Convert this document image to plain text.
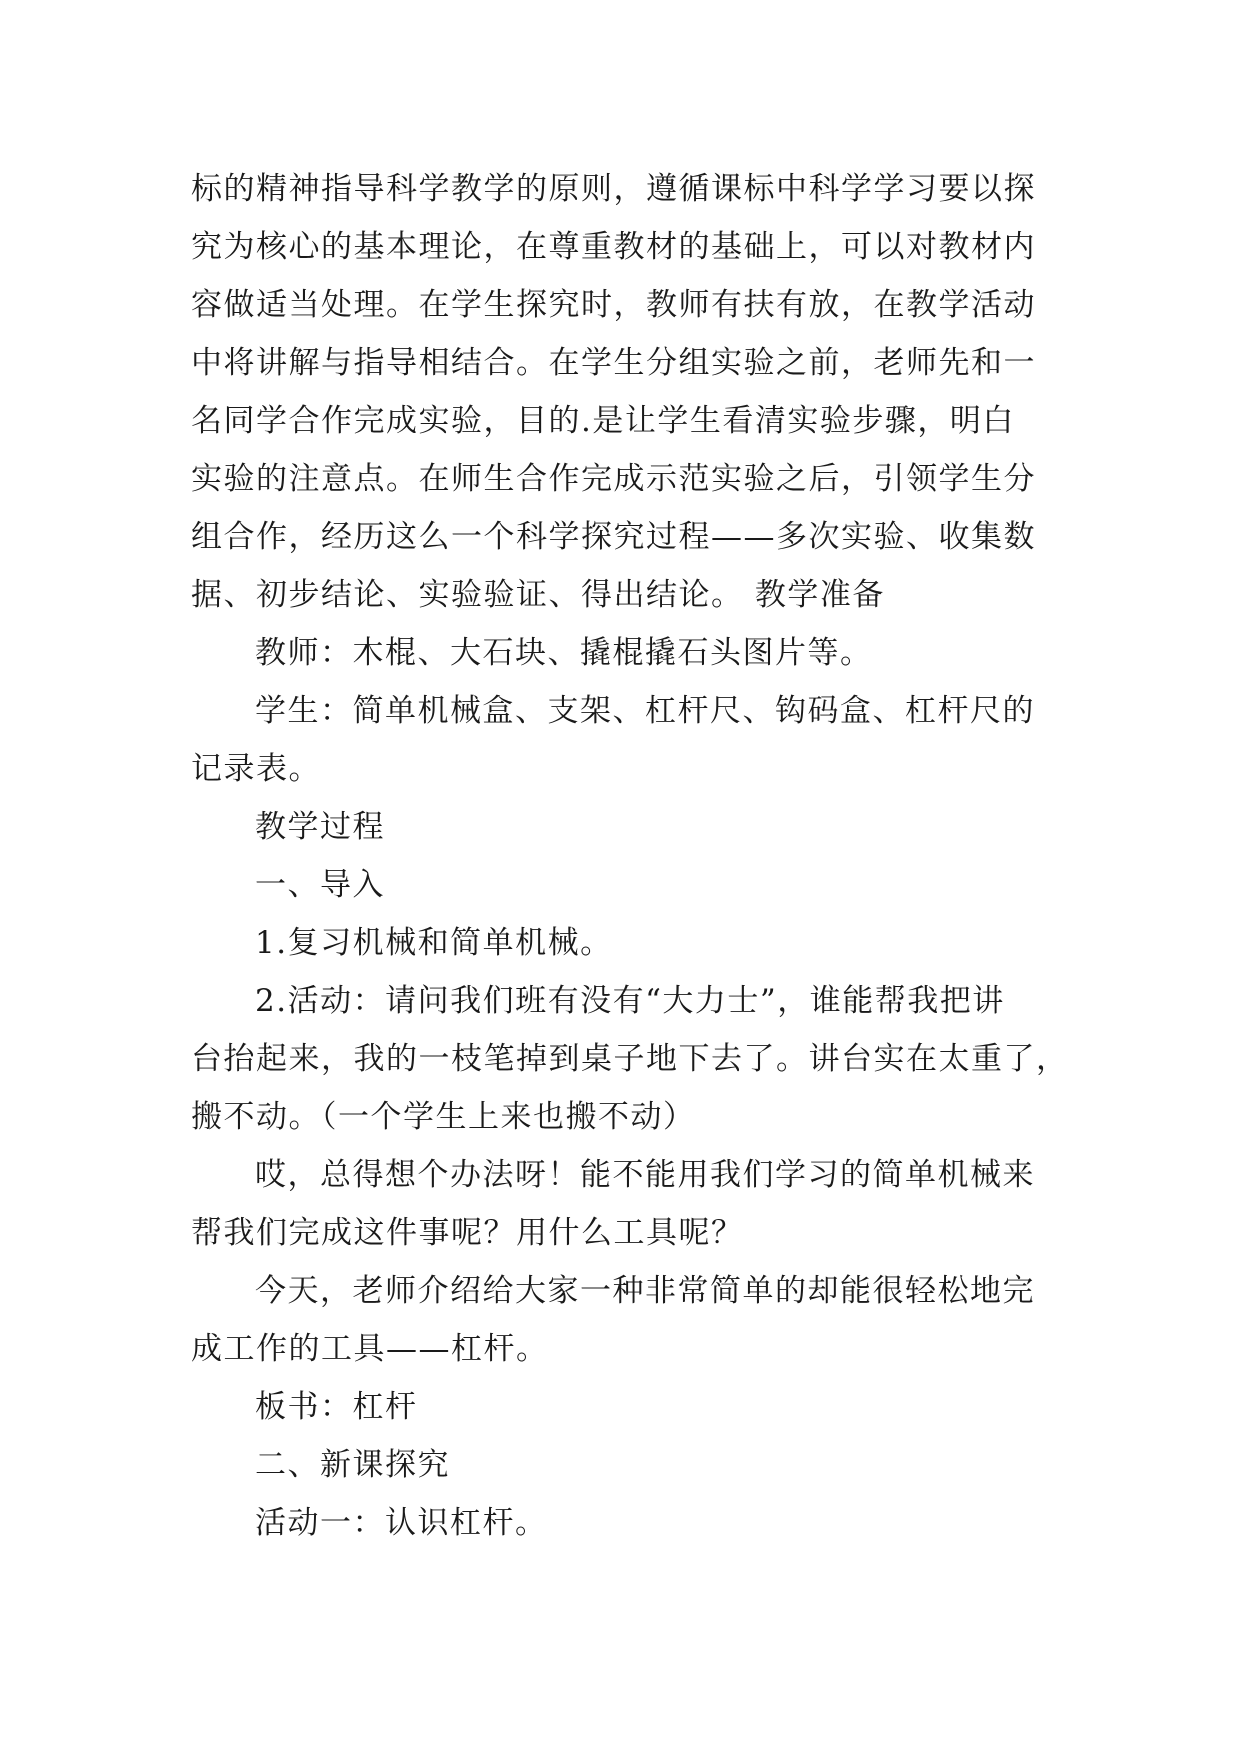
标的精神指导科学教学的原则，遵循课标中科学学习要以探
究为核心的基本理论，在尊重教材的基础上，可以对教材内
容做适当处理。在学生探究时，教师有扶有放，在教学活动
中将讲解与指导相结合。在学生分组实验之前，老师先和一
名同学合作完成实验，目的.是让学生看清实验步骤，明白
实验的注意点。在师生合作完成示范实验之后，引领学生分
组合作，经历这么一个科学探究过程——多次实验、收集数
据、初步结论、实验验证、得出结论。 教学准备
教师：木棍、大石块、撬棍撬石头图片等。
学生：简单机械盒、支架、杠杆尺、钩码盒、杠杆尺的
记录表。
教学过程
一、导入
1.复习机械和简单机械。
2.活动：请问我们班有没有“大力士”，谁能帮我把讲
台抬起来，我的一枝笔掉到桌子地下去了。讲台实在太重了，
搬不动。（一个学生上来也搬不动）
哎，总得想个办法呀！能不能用我们学习的简单机械来
帮我们完成这件事呢？用什么工具呢？
今天，老师介绍给大家一种非常简单的却能很轻松地完
成工作的工具——杠杆。
板书：杠杆
二、新课探究
活动一：认识杠杆。
